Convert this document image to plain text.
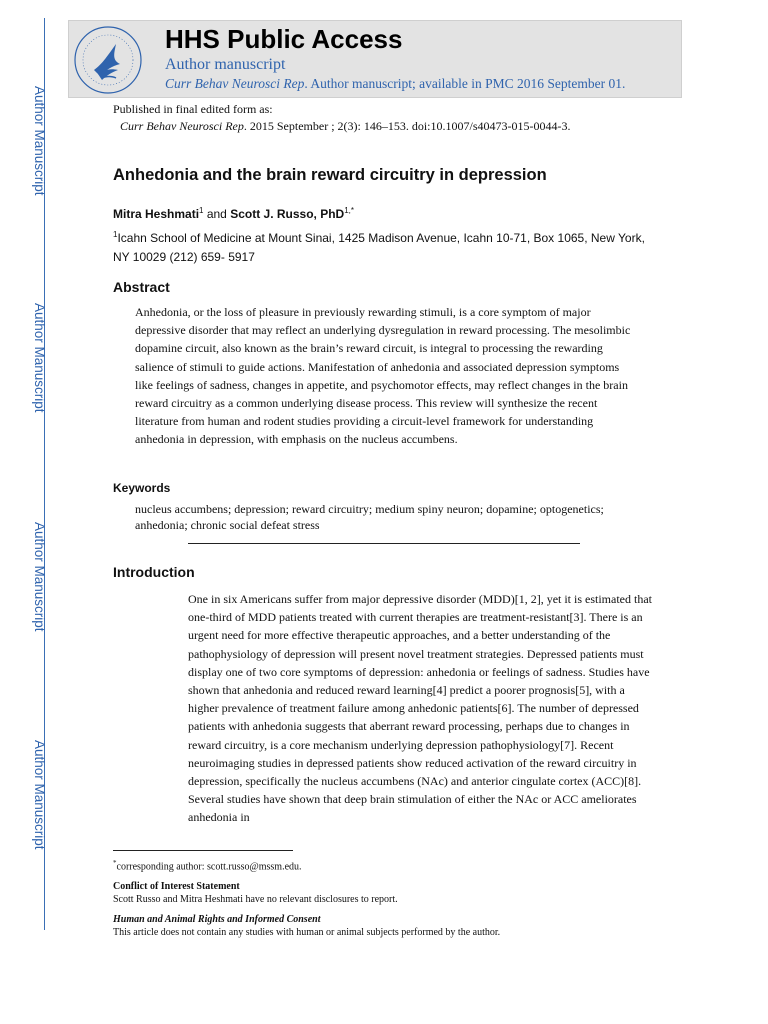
Author Manuscript
Author Manuscript
Author Manuscript
Author Manuscript
HHS Public Access
Author manuscript
Curr Behav Neurosci Rep. Author manuscript; available in PMC 2016 September 01.
Published in final edited form as:
Curr Behav Neurosci Rep. 2015 September ; 2(3): 146–153. doi:10.1007/s40473-015-0044-3.
Anhedonia and the brain reward circuitry in depression
Mitra Heshmati$^1$ and Scott J. Russo, PhD$^{1,*}$
$^1$Icahn School of Medicine at Mount Sinai, 1425 Madison Avenue, Icahn 10-71, Box 1065, New York, NY 10029 (212) 659- 5917
Abstract
Anhedonia, or the loss of pleasure in previously rewarding stimuli, is a core symptom of major depressive disorder that may reflect an underlying dysregulation in reward processing. The mesolimbic dopamine circuit, also known as the brain’s reward circuit, is integral to processing the rewarding salience of stimuli to guide actions. Manifestation of anhedonia and associated depression symptoms like feelings of sadness, changes in appetite, and psychomotor effects, may reflect changes in the brain reward circuitry as a common underlying disease process. This review will synthesize the recent literature from human and rodent studies providing a circuit-level framework for understanding anhedonia in depression, with emphasis on the nucleus accumbens.
Keywords
nucleus accumbens; depression; reward circuitry; medium spiny neuron; dopamine; optogenetics; anhedonia; chronic social defeat stress
Introduction
One in six Americans suffer from major depressive disorder (MDD)[1, 2], yet it is estimated that one-third of MDD patients treated with current therapies are treatment-resistant[3]. There is an urgent need for more effective therapeutic approaches, and a better understanding of the pathophysiology of depression will present novel treatment strategies. Depressed patients must display one of two core symptoms of depression: anhedonia or feelings of sadness. Studies have shown that anhedonia and reduced reward learning[4] predict a poorer prognosis[5], with a higher prevalence of treatment failure among anhedonic patients[6]. The number of depressed patients with anhedonia suggests that aberrant reward processing, perhaps due to changes in reward circuitry, is a core mechanism underlying depression pathophysiology[7]. Recent neuroimaging studies in depressed patients show reduced activation of the reward circuitry in depression, specifically the nucleus accumbens (NAc) and anterior cingulate cortex (ACC)[8]. Several studies have shown that deep brain stimulation of either the NAc or ACC ameliorates anhedonia in
*corresponding author: scott.russo@mssm.edu.
Conflict of Interest Statement
Scott Russo and Mitra Heshmati have no relevant disclosures to report.
Human and Animal Rights and Informed Consent
This article does not contain any studies with human or animal subjects performed by the author.
